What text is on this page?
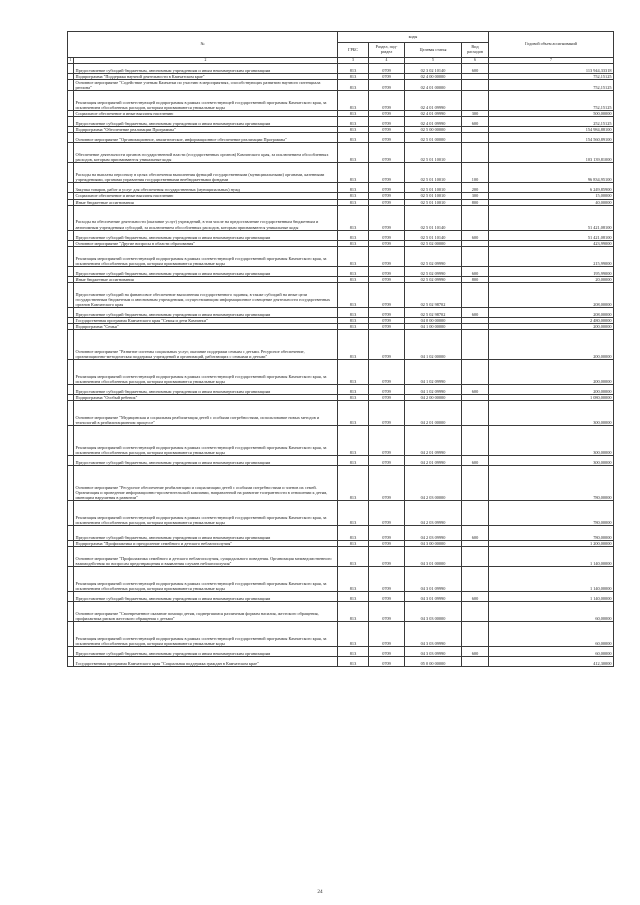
№		коды				Годовой объем ассигнований
		ГРБС	Раздел, под-раздел	Целевая статья	Вид расходов	
1	2	3	4	5	6	7
	Предоставление субсидий бюджетным, автономным учреждениям и иным некоммерческим организациям	813	0709	02 3 02 10140	600	113 944,33318
	Подпрограмма "Поддержка научной деятельности в Камчатском крае"	813	0709	02 4 00 00000		752,15125
	Основное мероприятие "Содействие ученым Камчатки по участию в мероприятиях, способствующих развитию научного потенциала региона"	813	0709	02 4 01 00000		752,15125
	Реализация мероприятий соответствующей подпрограммы в рамках соответствующей государственной программы Камчатского края, за исключением обособленных расходов, которым присваиваются уникальные коды	813	0709	02 4 01 09990		752,15125
	Социальное обеспечение и иные выплаты населению	813	0709	02 4 01 09990	300	500,00000
	Предоставление субсидий бюджетным, автономным учреждениям и иным некоммерческим организациям	813	0709	02 4 01 09990	600	252,15125
	Подпрограмма "Обеспечение реализации Программы"	813	0709	02 5 00 00000		154 984,88100
	Основное мероприятие "Организационное, аналитическое, информационное обеспечение реализации Программы"	813	0709	02 5 01 00000		154 560,89100
	Обеспечение деятельности органов государственной власти (государственных органов) Камчатского края, за исключением обособленных расходов, которым присваиваются уникальные коды	813	0709	02 5 01 10010		103 139,81000
	Расходы на выплаты персоналу в целях обеспечения выполнения функций государственными (муниципальными) органами, казенными учреждениями, органами управления государственными внебюджетными фондами	813	0709	02 5 01 10010	100	96 834,95100
	Закупка товаров, работ и услуг для обеспечения государственных (муниципальных) нужд	813	0709	02 5 01 10010	200	6 249,85900
	Социальное обеспечение и иные выплаты населению	813	0709	02 5 01 10010	300	15,00000
	Иные бюджетные ассигнования	813	0709	02 5 01 10010	800	40,00000
	Расходы на обеспечение деятельности (оказание услуг) учреждений, в том числе на предоставление государственным бюджетным и автономным учреждениям субсидий, за исключением обособленных расходов, которым присваиваются уникальные коды	813	0709	02 5 01 10140		51 421,08100
	Предоставление субсидий бюджетным, автономным учреждениям и иным некоммерческим организациям	813	0709	02 5 01 10140	600	51 421,08100
	Основное мероприятие "Другие вопросы в области образования"	813	0709	02 5 02 00000		423,99000
	Реализация мероприятий соответствующей подпрограммы в рамках соответствующей государственной программы Камчатского края, за исключением обособленных расходов, которым присваиваются уникальные коды	813	0709	02 5 02 09990		215,99000
	Предоставление субсидий бюджетным, автономным учреждениям и иным некоммерческим организациям	813	0709	02 5 02 09990	600	195,99000
	Иные бюджетные ассигнования	813	0709	02 5 02 09990	800	20,00000
	Предоставление субсидий на финансовое обеспечение выполнения государственного задания, в также субсидий на иные цели государственным бюджетным и автономным учреждениям, осуществляющим информационное освещение деятельности государственных органов Камчатского края	813	0709	02 5 02 98702		208,00000
	Предоставление субсидий бюджетным, автономным учреждениям и иным некоммерческим организациям	813	0709	02 5 02 98702	600	208,00000
	Государственная программа Камчатского края "Семья и дети Камчатки"	813	0709	04 0 00 00000		2 480,00000
	Подпрограмма "Семья"	813	0709	04 1 00 00000		200,00000
	Основное мероприятие "Развитие системы социальных услуг, оказание поддержки семьям с детьми. Ресурсное обеспечение, организационно-методическая поддержка учреждений и организаций, работающих с семьями и детьми"	813	0709	04 1 02 00000		200,00000
	Реализация мероприятий соответствующей подпрограммы в рамках соответствующей государственной программы Камчатского края, за исключением обособленных расходов, которым присваиваются уникальные коды	813	0709	04 1 02 09990		200,00000
	Предоставление субсидий бюджетным, автономным учреждениям и иным некоммерческим организациям	813	0709	04 1 02 09990	600	200,00000
	Подпрограмма "Особый ребенок"	813	0709	04 2 00 00000		1 080,00000
	Основное мероприятие "Медицинская и социальная реабилитация детей с особыми потребностями, использование новых методов и технологий в реабилитационном процессе"	813	0709	04 2 01 00000		300,00000
	Реализация мероприятий соответствующей подпрограммы в рамках соответствующей государственной программы Камчатского края, за исключением обособленных расходов, которым присваиваются уникальные коды	813	0709	04 2 01 09990		300,00000
	Предоставление субсидий бюджетным, автономным учреждениям и иным некоммерческим организациям	813	0709	04 2 01 09990	600	300,00000
	Основное мероприятие "Ресурсное обеспечение реабилитации и социализации детей с особыми потребностями и членов их семей. Организация и проведение информационно-просветительской кампании, направленной на развитие толерантности в отношении к детям, имеющим нарушения в развитии"	813	0709	04 2 03 00000		780,00000
	Реализация мероприятий соответствующей подпрограммы в рамках соответствующей государственной программы Камчатского края, за исключением обособленных расходов, которым присваиваются уникальные коды	813	0709	04 2 03 09990		780,00000
	Предоставление субсидий бюджетным, автономным учреждениям и иным некоммерческим организациям	813	0709	04 2 03 09990	600	780,00000
	Подпрограмма "Профилактика и преодоление семейного и детского неблагополучия"	813	0709	04 3 00 00000		1 200,00000
	Основное мероприятие "Профилактика семейного и детского неблагополучия, суицидального поведения. Организация межведомственного взаимодействия по вопросам предотвращения и выявления случаев неблагополучия"	813	0709	04 3 01 00000		1 140,00000
	Реализация мероприятий соответствующей подпрограммы в рамках соответствующей государственной программы Камчатского края, за исключением обособленных расходов, которым присваиваются уникальные коды	813	0709	04 3 01 09990		1 140,00000
	Предоставление субсидий бюджетным, автономным учреждениям и иным некоммерческим организациям	813	0709	04 3 01 09990	600	1 140,00000
	Основное мероприятие "Своевременное оказание помощи детям, подвергшимся различным формам насилия, жестокого обращения, профилактика рисков жестокого обращения с детьми"	813	0709	04 3 03 00000		60,00000
	Реализация мероприятий соответствующей подпрограммы в рамках соответствующей государственной программы Камчатского края, за исключением обособленных расходов, которым присваиваются уникальные коды	813	0709	04 3 03 09990		60,00000
	Предоставление субсидий бюджетным, автономным учреждениям и иным некоммерческим организациям	813	0709	04 3 03 09990	600	60,00000
	Государственная программа Камчатского края "Социальная поддержка граждан в Камчатском крае"	813	0709	05 0 00 00000		412,30000
24
